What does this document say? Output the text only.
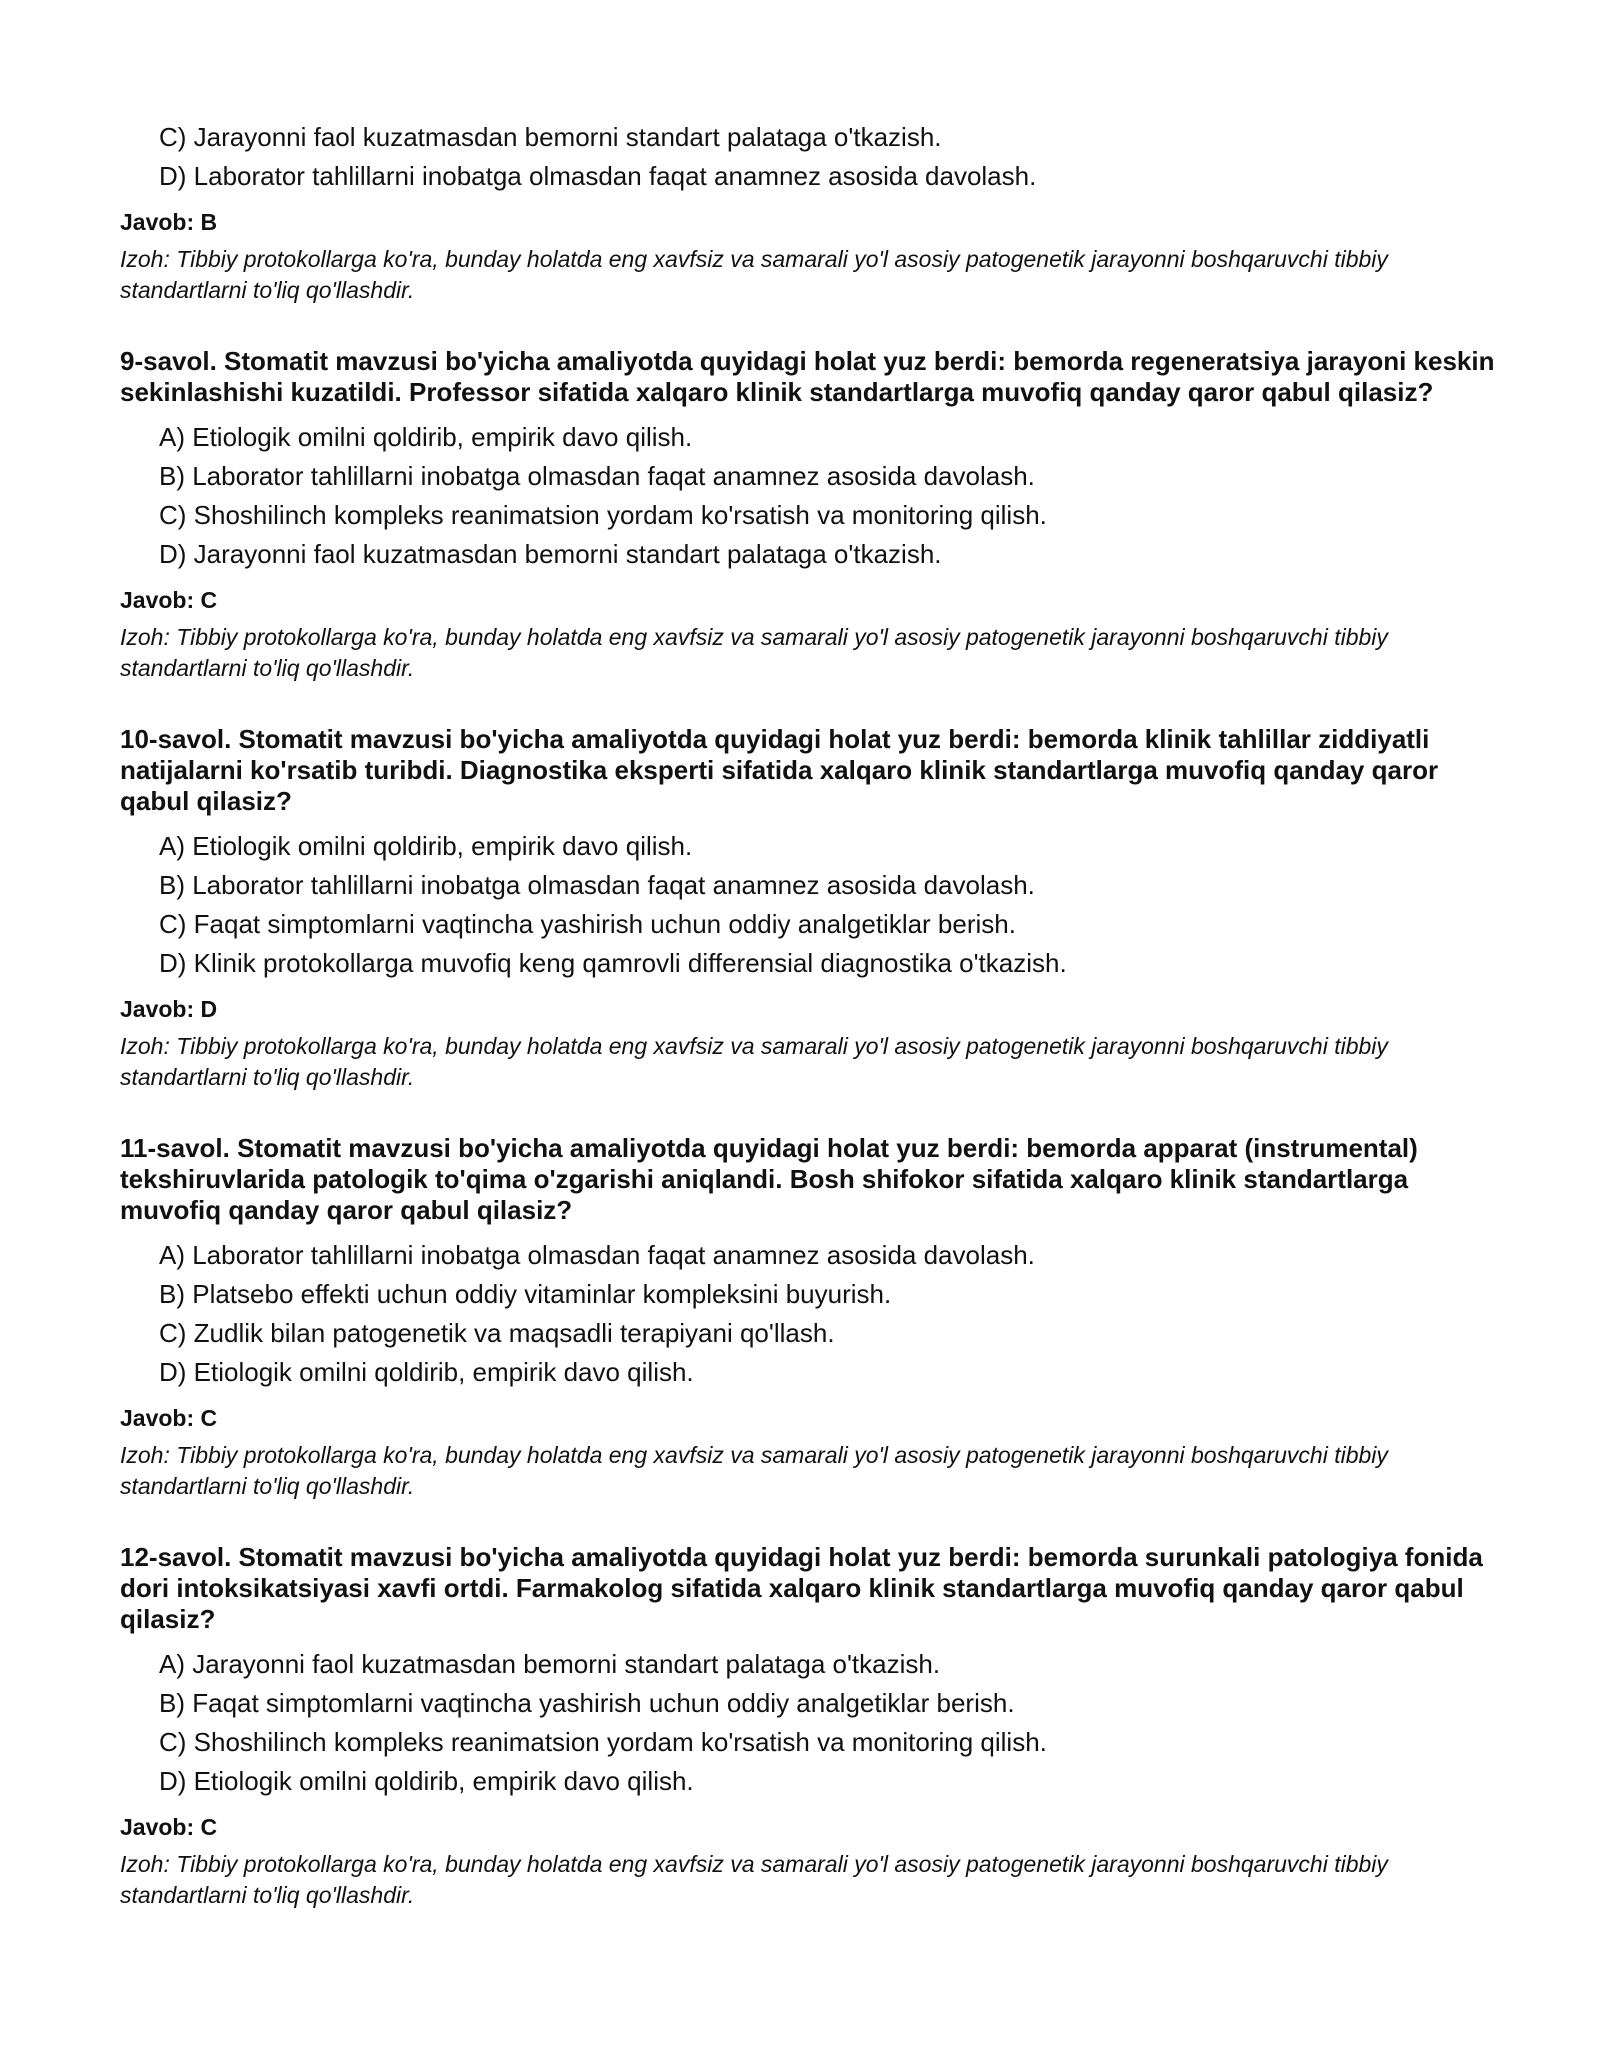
C) Jarayonni faol kuzatmasdan bemorni standart palataga o'tkazish.
D) Laborator tahlillarni inobatga olmasdan faqat anamnez asosida davolash.
Javob: B
Izoh: Tibbiy protokollarga ko'ra, bunday holatda eng xavfsiz va samarali yo'l asosiy patogenetik jarayonni boshqaruvchi tibbiy standartlarni to'liq qo'llashdir.
9-savol. Stomatit mavzusi bo'yicha amaliyotda quyidagi holat yuz berdi: bemorda regeneratsiya jarayoni keskin sekinlashishi kuzatildi. Professor sifatida xalqaro klinik standartlarga muvofiq qanday qaror qabul qilasiz?
A) Etiologik omilni qoldirib, empirik davo qilish.
B) Laborator tahlillarni inobatga olmasdan faqat anamnez asosida davolash.
C) Shoshilinch kompleks reanimatsion yordam ko'rsatish va monitoring qilish.
D) Jarayonni faol kuzatmasdan bemorni standart palataga o'tkazish.
Javob: C
Izoh: Tibbiy protokollarga ko'ra, bunday holatda eng xavfsiz va samarali yo'l asosiy patogenetik jarayonni boshqaruvchi tibbiy standartlarni to'liq qo'llashdir.
10-savol. Stomatit mavzusi bo'yicha amaliyotda quyidagi holat yuz berdi: bemorda klinik tahlillar ziddiyatli natijalarni ko'rsatib turibdi. Diagnostika eksperti sifatida xalqaro klinik standartlarga muvofiq qanday qaror qabul qilasiz?
A) Etiologik omilni qoldirib, empirik davo qilish.
B) Laborator tahlillarni inobatga olmasdan faqat anamnez asosida davolash.
C) Faqat simptomlarni vaqtincha yashirish uchun oddiy analgetiklar berish.
D) Klinik protokollarga muvofiq keng qamrovli differensial diagnostika o'tkazish.
Javob: D
Izoh: Tibbiy protokollarga ko'ra, bunday holatda eng xavfsiz va samarali yo'l asosiy patogenetik jarayonni boshqaruvchi tibbiy standartlarni to'liq qo'llashdir.
11-savol. Stomatit mavzusi bo'yicha amaliyotda quyidagi holat yuz berdi: bemorda apparat (instrumental) tekshiruvlarida patologik to'qima o'zgarishi aniqlandi. Bosh shifokor sifatida xalqaro klinik standartlarga muvofiq qanday qaror qabul qilasiz?
A) Laborator tahlillarni inobatga olmasdan faqat anamnez asosida davolash.
B) Platsebo effekti uchun oddiy vitaminlar kompleksini buyurish.
C) Zudlik bilan patogenetik va maqsadli terapiyani qo'llash.
D) Etiologik omilni qoldirib, empirik davo qilish.
Javob: C
Izoh: Tibbiy protokollarga ko'ra, bunday holatda eng xavfsiz va samarali yo'l asosiy patogenetik jarayonni boshqaruvchi tibbiy standartlarni to'liq qo'llashdir.
12-savol. Stomatit mavzusi bo'yicha amaliyotda quyidagi holat yuz berdi: bemorda surunkali patologiya fonida dori intoksikatsiyasi xavfi ortdi. Farmakolog sifatida xalqaro klinik standartlarga muvofiq qanday qaror qabul qilasiz?
A) Jarayonni faol kuzatmasdan bemorni standart palataga o'tkazish.
B) Faqat simptomlarni vaqtincha yashirish uchun oddiy analgetiklar berish.
C) Shoshilinch kompleks reanimatsion yordam ko'rsatish va monitoring qilish.
D) Etiologik omilni qoldirib, empirik davo qilish.
Javob: C
Izoh: Tibbiy protokollarga ko'ra, bunday holatda eng xavfsiz va samarali yo'l asosiy patogenetik jarayonni boshqaruvchi tibbiy standartlarni to'liq qo'llashdir.
